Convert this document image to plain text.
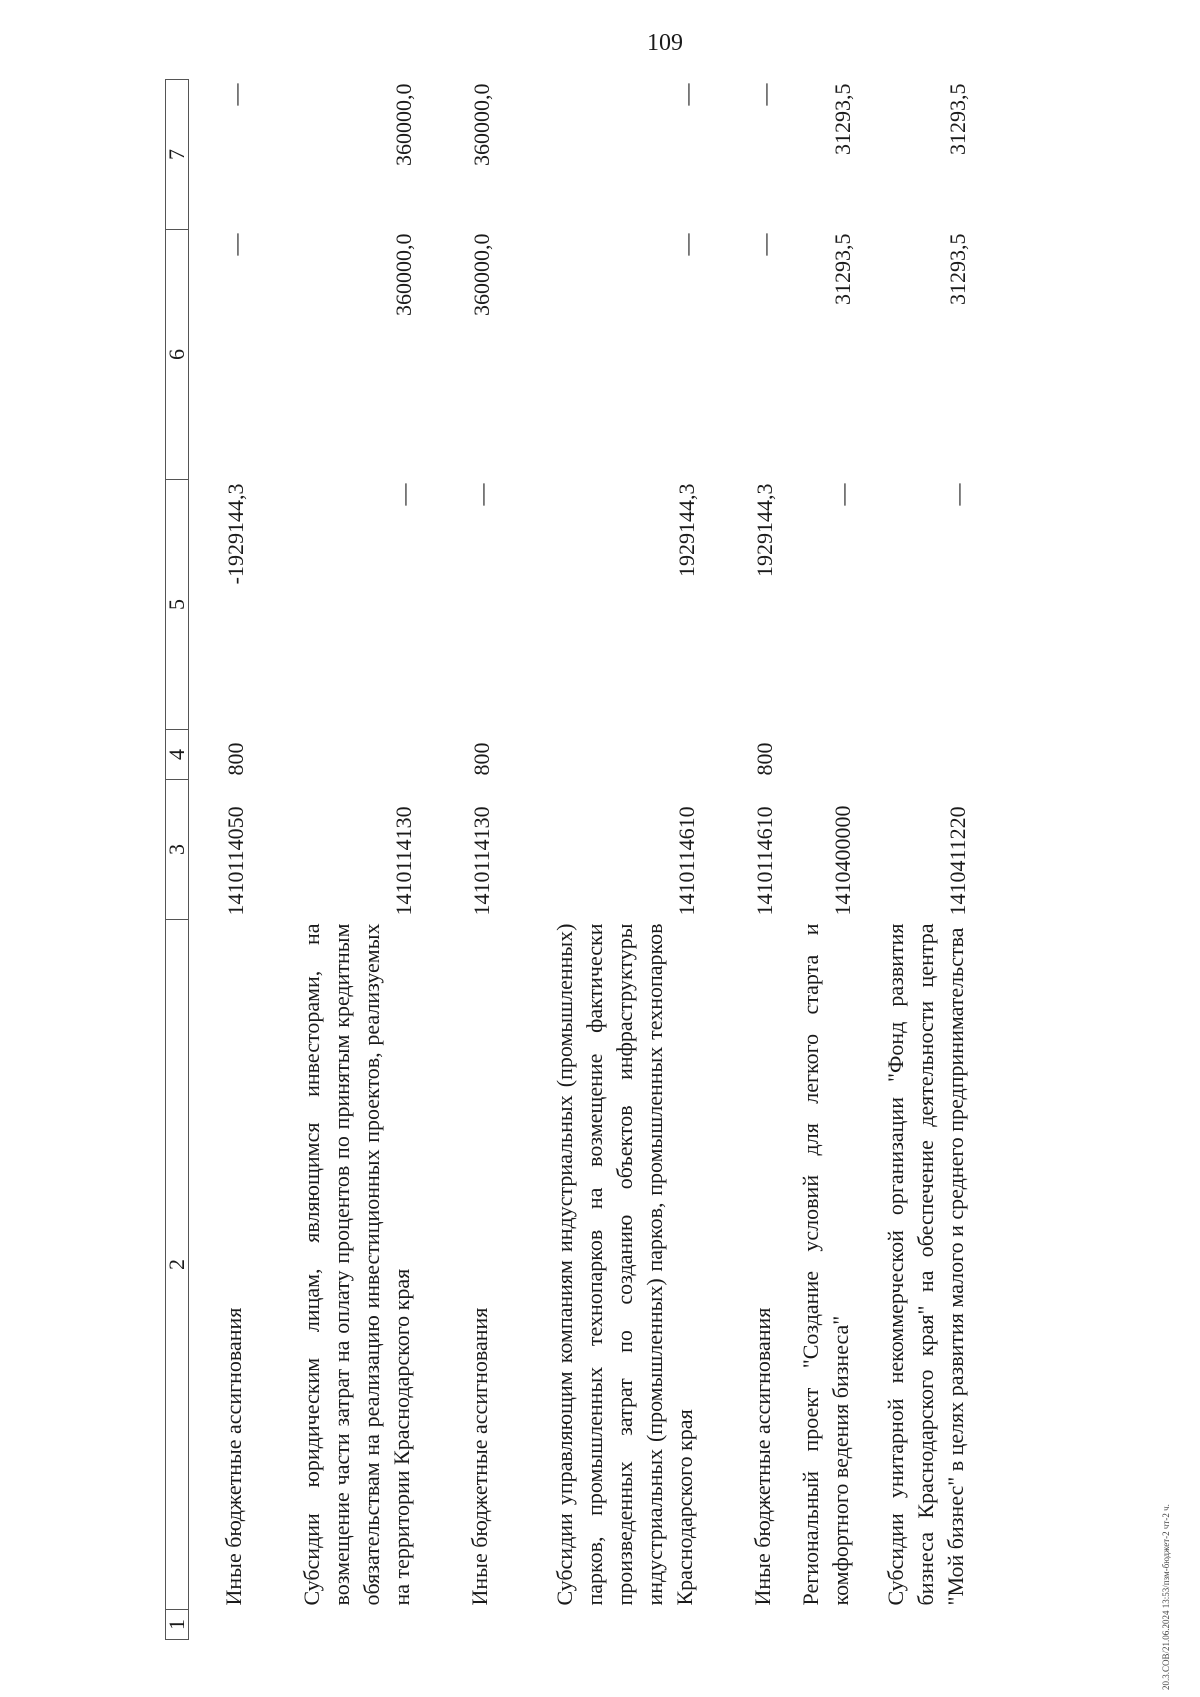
109
1	2	3	4	5	6	7
	Иные бюджетные ассигнования	1410114050	800	-1929144,3	—	—
	Субсидии юридическим лицам, являющимся инвесторами, на возмещение части затрат на оплату процентов по принятым кредитным обязательствам на реализацию инвестиционных проектов, реализуемых на территории Краснодарского края	1410114130		—	360000,0	360000,0
	Иные бюджетные ассигнования	1410114130	800	—	360000,0	360000,0
	Субсидии управляющим компаниям индустриальных (промышленных) парков, промышленных технопарков на возмещение фактически произведенных затрат по созданию объектов инфраструктуры индустриальных (промышленных) парков, промышленных технопарков Краснодарского края	1410114610		1929144,3	—	—
	Иные бюджетные ассигнования	1410114610	800	1929144,3	—	—
	Региональный проект "Создание условий для легкого старта и комфортного ведения бизнеса"	1410400000		—	31293,5	31293,5
	Субсидии унитарной некоммерческой организации "Фонд развития бизнеса Краснодарского края" на обеспечение деятельности центра "Мой бизнес" в целях развития малого и среднего предпринимательства	1410411220		—	31293,5	31293,5
20.3.СОВ/21.06.2024 13:53/пзм-бюджет-2 чт-2 ч.
